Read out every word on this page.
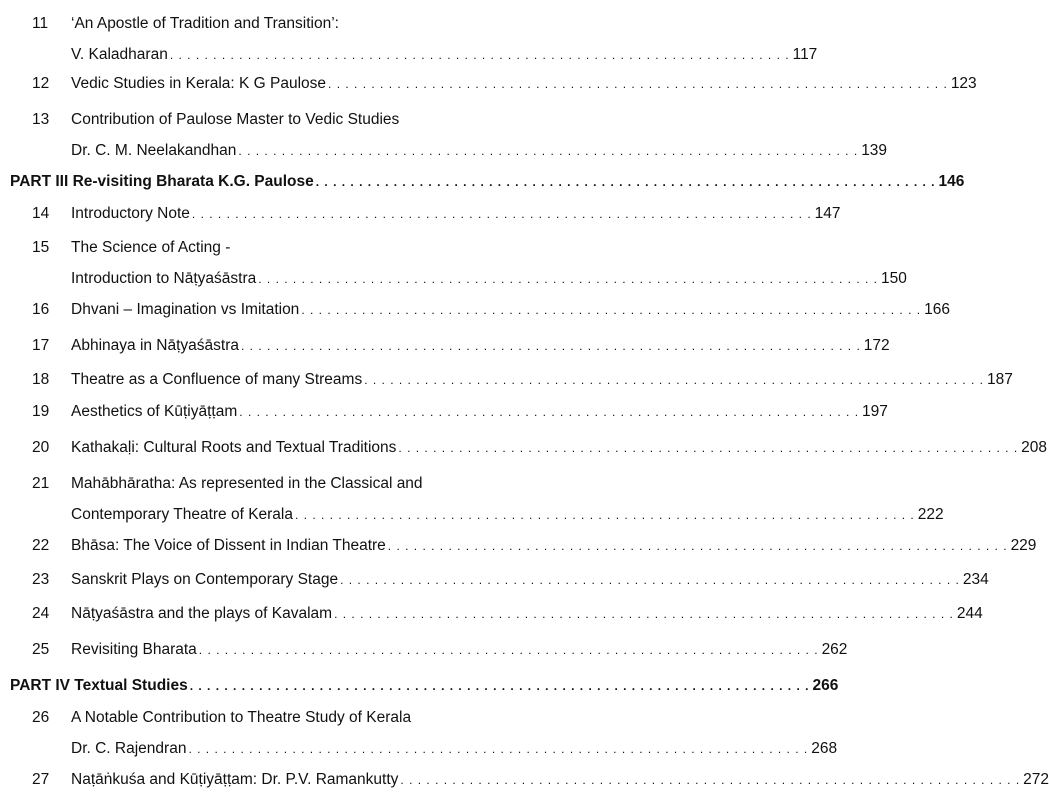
11	‘An Apostle of Tradition and Transition’:
V. Kaladharan . . . . . . . . . . . . . . . . . . . . . . . . . . . . . . . . . . . . . . . . . . . . . . . . . . . . . . . . . . . . . . . . . . . . . . . . 117
12	Vedic Studies in Kerala: K G Paulose . . . . . . . . . . . . . . . . . . . . . . . . . . . . . . . . . . . . . . . . . . . . . . . . . . . . . . . . . . . . . . . . . . . . . . . . 123
13	Contribution of Paulose Master to Vedic Studies
Dr. C. M. Neelakandhan . . . . . . . . . . . . . . . . . . . . . . . . . . . . . . . . . . . . . . . . . . . . . . . . . . . . . . . . . . . . . . . . . . . . . . . . 139
PART III Re-visiting Bharata K.G. Paulose . . . . . . . . . . . . . . . . . . . . . . . . . . . . . . . . . . . . . . . . . . . . . . . . . . . . . . . . . . . . . . . . . . . . . . . . 146
14	Introductory Note . . . . . . . . . . . . . . . . . . . . . . . . . . . . . . . . . . . . . . . . . . . . . . . . . . . . . . . . . . . . . . . . . . . . . . . . 147
15	The Science of Acting -
Introduction to Nāṭyaśāstra . . . . . . . . . . . . . . . . . . . . . . . . . . . . . . . . . . . . . . . . . . . . . . . . . . . . . . . . . . . . . . . . . . . . . . . . 150
16	Dhvani – Imagination vs Imitation . . . . . . . . . . . . . . . . . . . . . . . . . . . . . . . . . . . . . . . . . . . . . . . . . . . . . . . . . . . . . . . . . . . . . . . . 166
17	Abhinaya in Nāṭyaśāstra . . . . . . . . . . . . . . . . . . . . . . . . . . . . . . . . . . . . . . . . . . . . . . . . . . . . . . . . . . . . . . . . . . . . . . . . 172
18	Theatre as a Confluence of many Streams . . . . . . . . . . . . . . . . . . . . . . . . . . . . . . . . . . . . . . . . . . . . . . . . . . . . . . . . . . . . . . . . . . . . . . . . 187
19	Aesthetics of Kūṭiyāṭṭam . . . . . . . . . . . . . . . . . . . . . . . . . . . . . . . . . . . . . . . . . . . . . . . . . . . . . . . . . . . . . . . . . . . . . . . . 197
20	Kathakaḷi: Cultural Roots and Textual Traditions . . . . . . . . . . . . . . . . . . . . . . . . . . . . . . . . . . . . . . . . . . . . . . . . . . . . . . . . . . . . . . . . . . . . . . . . 208
21	Mahābhāratha: As represented in the Classical and
Contemporary Theatre of Kerala . . . . . . . . . . . . . . . . . . . . . . . . . . . . . . . . . . . . . . . . . . . . . . . . . . . . . . . . . . . . . . . . . . . . . . . . 222
22	Bhāsa: The Voice of Dissent in Indian Theatre . . . . . . . . . . . . . . . . . . . . . . . . . . . . . . . . . . . . . . . . . . . . . . . . . . . . . . . . . . . . . . . . . . . . . . . . 229
23	Sanskrit Plays on Contemporary Stage . . . . . . . . . . . . . . . . . . . . . . . . . . . . . . . . . . . . . . . . . . . . . . . . . . . . . . . . . . . . . . . . . . . . . . . . 234
24	Nāṭyaśāstra and the plays of Kavalam . . . . . . . . . . . . . . . . . . . . . . . . . . . . . . . . . . . . . . . . . . . . . . . . . . . . . . . . . . . . . . . . . . . . . . . . 244
25	Revisiting Bharata . . . . . . . . . . . . . . . . . . . . . . . . . . . . . . . . . . . . . . . . . . . . . . . . . . . . . . . . . . . . . . . . . . . . . . . . 262
PART IV Textual Studies . . . . . . . . . . . . . . . . . . . . . . . . . . . . . . . . . . . . . . . . . . . . . . . . . . . . . . . . . . . . . . . . . . . . . . . . 266
26	A Notable Contribution to Theatre Study of Kerala
Dr. C. Rajendran . . . . . . . . . . . . . . . . . . . . . . . . . . . . . . . . . . . . . . . . . . . . . . . . . . . . . . . . . . . . . . . . . . . . . . . . 268
27	Naṭāṅkuśa and Kūṭiyāṭṭam: Dr. P.V. Ramankutty . . . . . . . . . . . . . . . . . . . . . . . . . . . . . . . . . . . . . . . . . . . . . . . . . . . . . . . . . . . . . . . . . . . . . . . . 272
